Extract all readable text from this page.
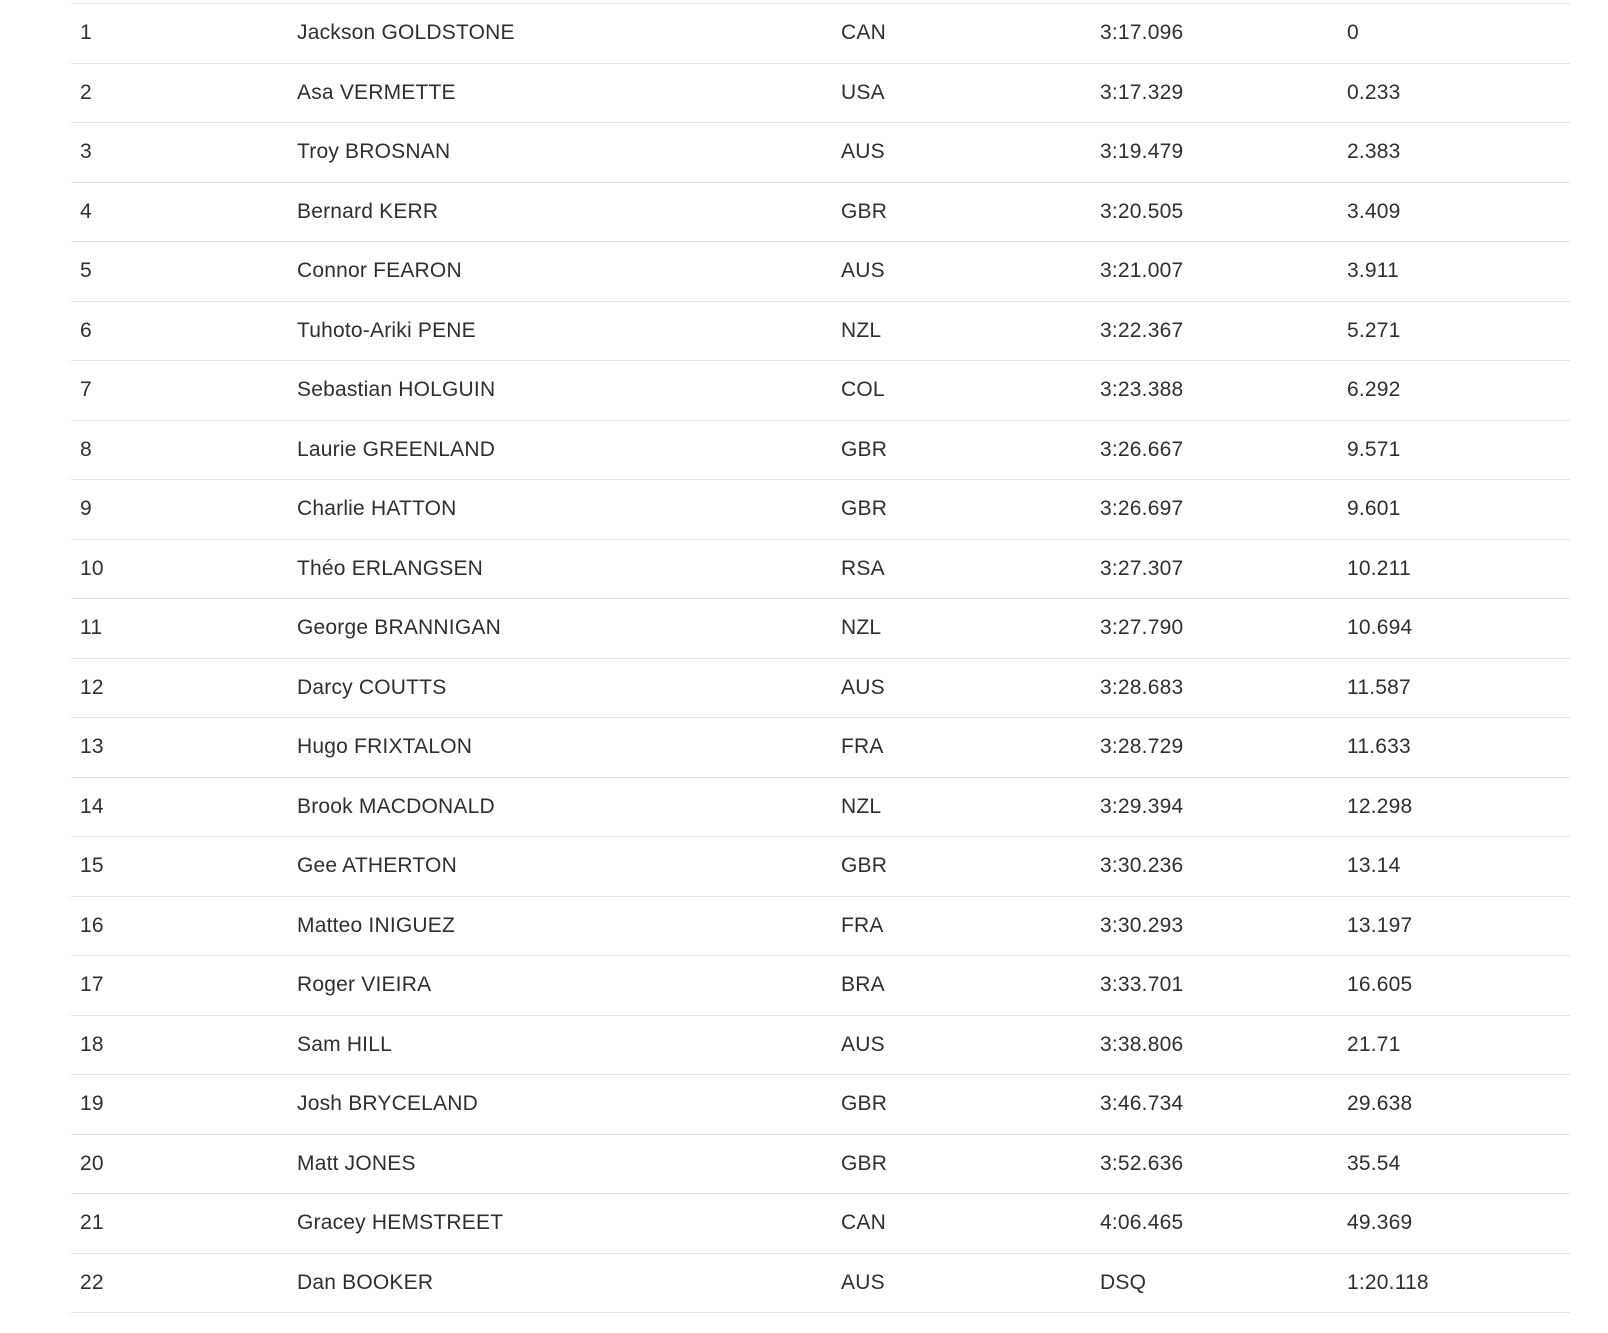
1	Jackson GOLDSTONE	CAN	3:17.096	0
2	Asa VERMETTE	USA	3:17.329	0.233
3	Troy BROSNAN	AUS	3:19.479	2.383
4	Bernard KERR	GBR	3:20.505	3.409
5	Connor FEARON	AUS	3:21.007	3.911
6	Tuhoto-Ariki PENE	NZL	3:22.367	5.271
7	Sebastian HOLGUIN	COL	3:23.388	6.292
8	Laurie GREENLAND	GBR	3:26.667	9.571
9	Charlie HATTON	GBR	3:26.697	9.601
10	Théo ERLANGSEN	RSA	3:27.307	10.211
11	George BRANNIGAN	NZL	3:27.790	10.694
12	Darcy COUTTS	AUS	3:28.683	11.587
13	Hugo FRIXTALON	FRA	3:28.729	11.633
14	Brook MACDONALD	NZL	3:29.394	12.298
15	Gee ATHERTON	GBR	3:30.236	13.14
16	Matteo INIGUEZ	FRA	3:30.293	13.197
17	Roger VIEIRA	BRA	3:33.701	16.605
18	Sam HILL	AUS	3:38.806	21.71
19	Josh BRYCELAND	GBR	3:46.734	29.638
20	Matt JONES	GBR	3:52.636	35.54
21	Gracey HEMSTREET	CAN	4:06.465	49.369
22	Dan BOOKER	AUS	DSQ	1:20.118
